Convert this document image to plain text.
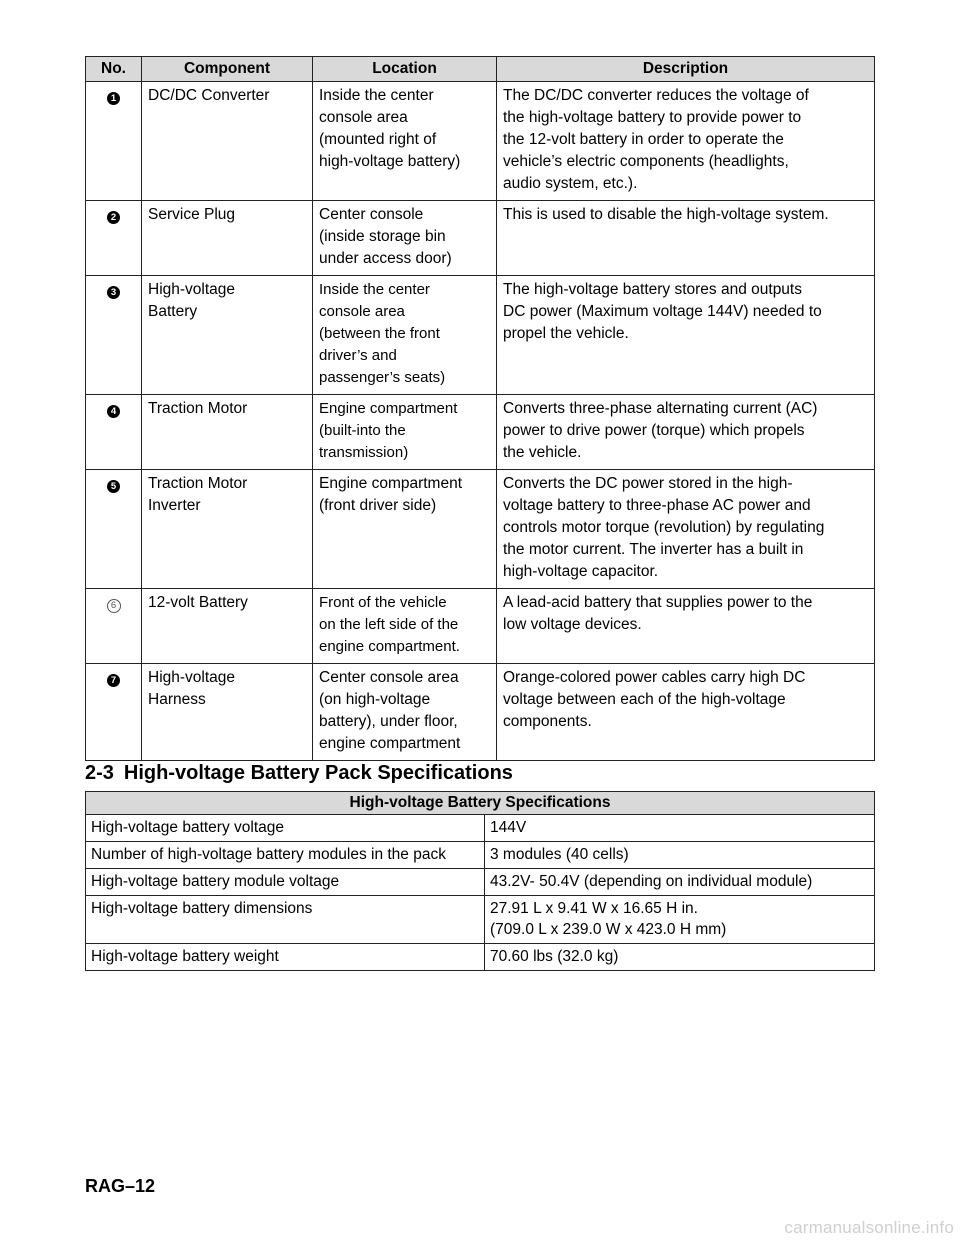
No.	Component	Location	Description
1	DC/DC Converter	Inside the center
console area
(mounted right of
high-voltage battery)	The DC/DC converter reduces the voltage of
the high-voltage battery to provide power to
the 12-volt battery in order to operate the
vehicle’s electric components (headlights,
audio system, etc.).
2	Service Plug	Center console
(inside storage bin
under access door)	This is used to disable the high-voltage system.
3	High-voltage
Battery	Inside the center
console area
(between the front
driver’s and
passenger’s seats)	The high-voltage battery stores and outputs
DC power (Maximum voltage 144V) needed to
propel the vehicle.
4	Traction Motor	Engine compartment
(built-into the
transmission)	Converts three-phase alternating current (AC)
power to drive power (torque) which propels
the vehicle.
5	Traction Motor
Inverter	Engine compartment
(front driver side)	Converts the DC power stored in the high-
voltage battery to three-phase AC power and
controls motor torque (revolution) by regulating
the motor current. The inverter has a built in
high-voltage capacitor.
6	12-volt Battery	Front of the vehicle
on the left side of the
engine compartment.	A lead-acid battery that supplies power to the
low voltage devices.
7	High-voltage
Harness	Center console area
(on high-voltage
battery), under floor,
engine compartment	Orange-colored power cables carry high DC
voltage between each of the high-voltage
components.
2-3 High-voltage Battery Pack Specifications
High-voltage Battery Specifications	
High-voltage battery voltage	144V
Number of high-voltage battery modules in the pack	3 modules (40 cells)
High-voltage battery module voltage	43.2V- 50.4V (depending on individual module)
High-voltage battery dimensions	27.91 L x 9.41 W x 16.65 H in.
(709.0 L x 239.0 W x 423.0 H mm)
High-voltage battery weight	70.60 lbs (32.0 kg)
RAG–12
carmanualsonline.info
